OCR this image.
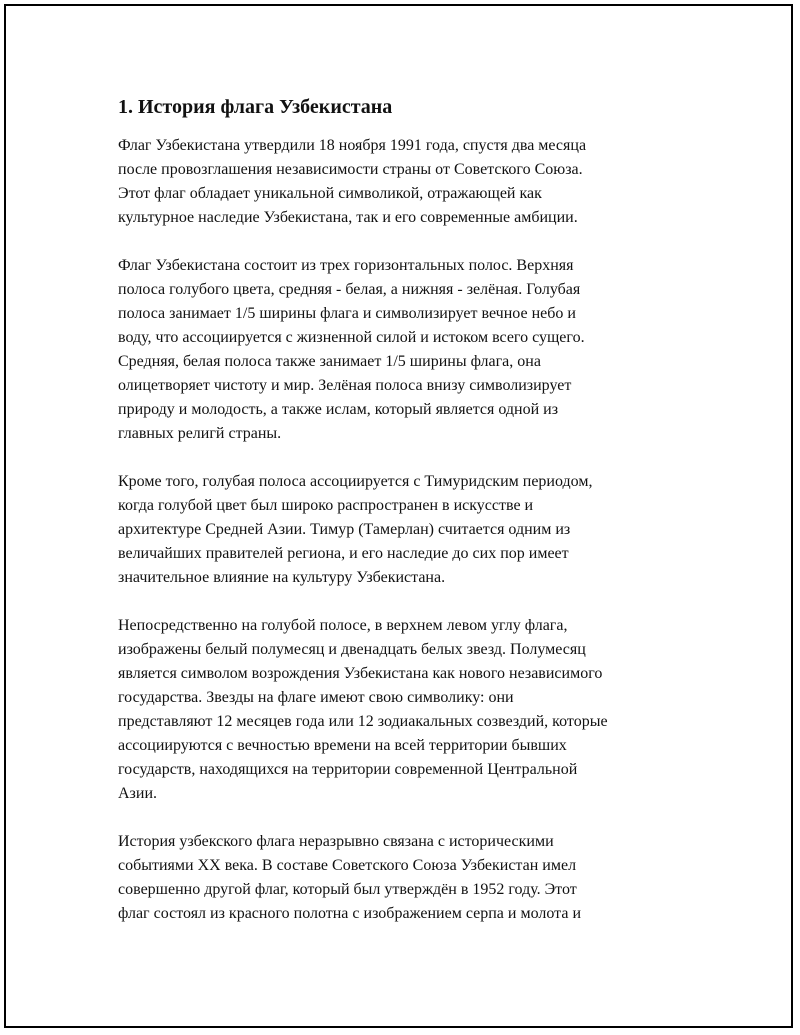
1. История флага Узбекистана
Флаг Узбекистана утвердили 18 ноября 1991 года, спустя два месяца
после провозглашения независимости страны от Советского Союза.
Этот флаг обладает уникальной символикой, отражающей как
культурное наследие Узбекистана, так и его современные амбиции.
Флаг Узбекистана состоит из трех горизонтальных полос. Верхняя
полоса голубого цвета, средняя - белая, а нижняя - зелёная. Голубая
полоса занимает 1/5 ширины флага и символизирует вечное небо и
воду, что ассоциируется с жизненной силой и истоком всего сущего.
Средняя, белая полоса также занимает 1/5 ширины флага, она
олицетворяет чистоту и мир. Зелёная полоса внизу символизирует
природу и молодость, а также ислам, который является одной из
главных религй страны.
Кроме того, голубая полоса ассоциируется с Тимуридским периодом,
когда голубой цвет был широко распространен в искусстве и
архитектуре Средней Азии. Тимур (Тамерлан) считается одним из
величайших правителей региона, и его наследие до сих пор имеет
значительное влияние на культуру Узбекистана.
Непосредственно на голубой полосе, в верхнем левом углу флага,
изображены белый полумесяц и двенадцать белых звезд. Полумесяц
является символом возрождения Узбекистана как нового независимого
государства. Звезды на флаге имеют свою символику: они
представляют 12 месяцев года или 12 зодиакальных созвездий, которые
ассоциируются с вечностью времени на всей территории бывших
государств, находящихся на территории современной Центральной
Азии.
История узбекского флага неразрывно связана с историческими
событиями XX века. В составе Советского Союза Узбекистан имел
совершенно другой флаг, который был утверждён в 1952 году. Этот
флаг состоял из красного полотна с изображением серпа и молота и
